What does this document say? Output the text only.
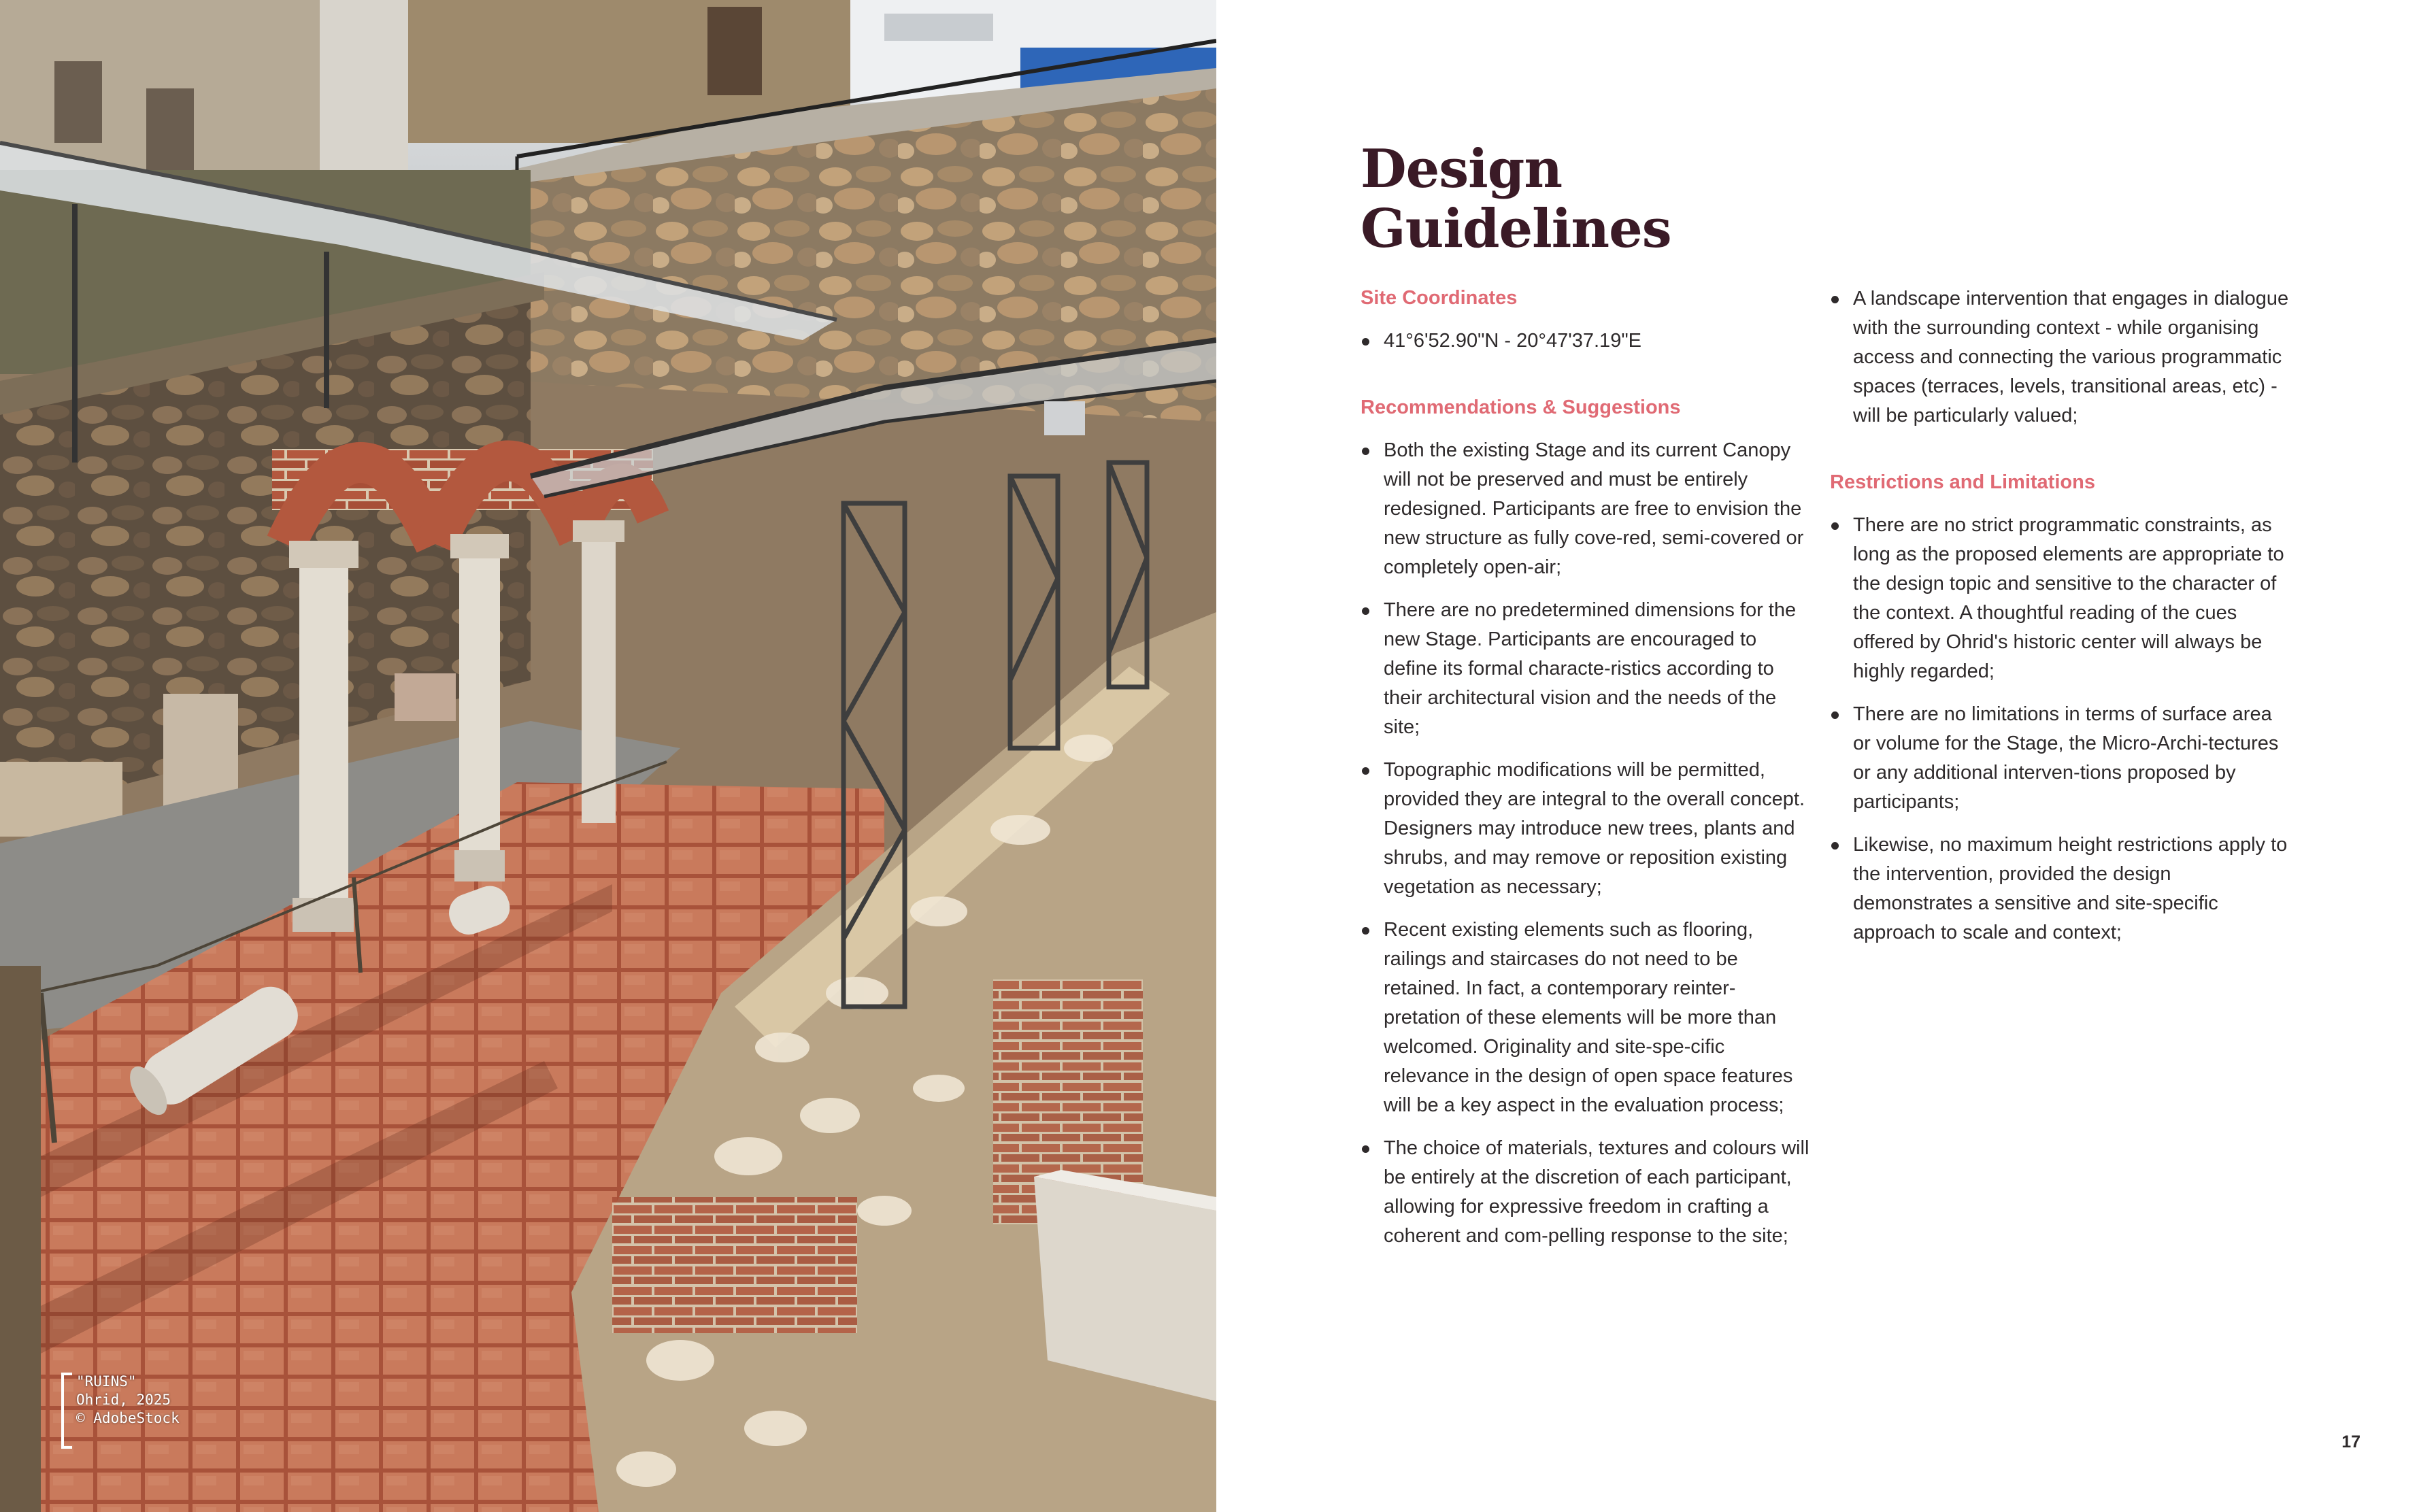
"RUINS"
Ohrid, 2025
© AdobeStock
Design
Guidelines
Site Coordinates
41°6'52.90"N - 20°47'37.19"E
Recommendations & Suggestions
Both the existing Stage and its current Canopy will not be preserved and must be entirely redesigned. Participants are free to envision the new structure as fully cove-red, semi-covered or completely open-air;
There are no predetermined dimensions for the new Stage. Participants are encouraged to define its formal characte-ristics according to their architectural vision and the needs of the site;
Topographic modifications will be permitted, provided they are integral to the overall concept. Designers may introduce new trees, plants and shrubs, and may remove or reposition existing vegetation as necessary;
Recent existing elements such as flooring, railings and staircases do not need to be retained. In fact, a contemporary reinter-pretation of these elements will be more than welcomed. Originality and site-spe-cific relevance in the design of open space features will be a key aspect in the evaluation process;
The choice of materials, textures and colours will be entirely at the discretion of each participant, allowing for expressive freedom in crafting a coherent and com-pelling response to the site;
A landscape intervention that engages in dialogue with the surrounding context - while organising access and connecting the various programmatic spaces (terraces, levels, transitional areas, etc) - will be particularly valued;
Restrictions and Limitations
There are no strict programmatic constraints, as long as the proposed elements are appropriate to the design topic and sensitive to the character of the context. A thoughtful reading of the cues offered by Ohrid's historic center will always be highly regarded;
There are no limitations in terms of surface area or volume for the Stage, the Micro-Archi-tectures or any additional interven-tions proposed by participants;
Likewise, no maximum height restrictions apply to the intervention, provided the design demonstrates a sensitive and site-specific approach to scale and context;
17
